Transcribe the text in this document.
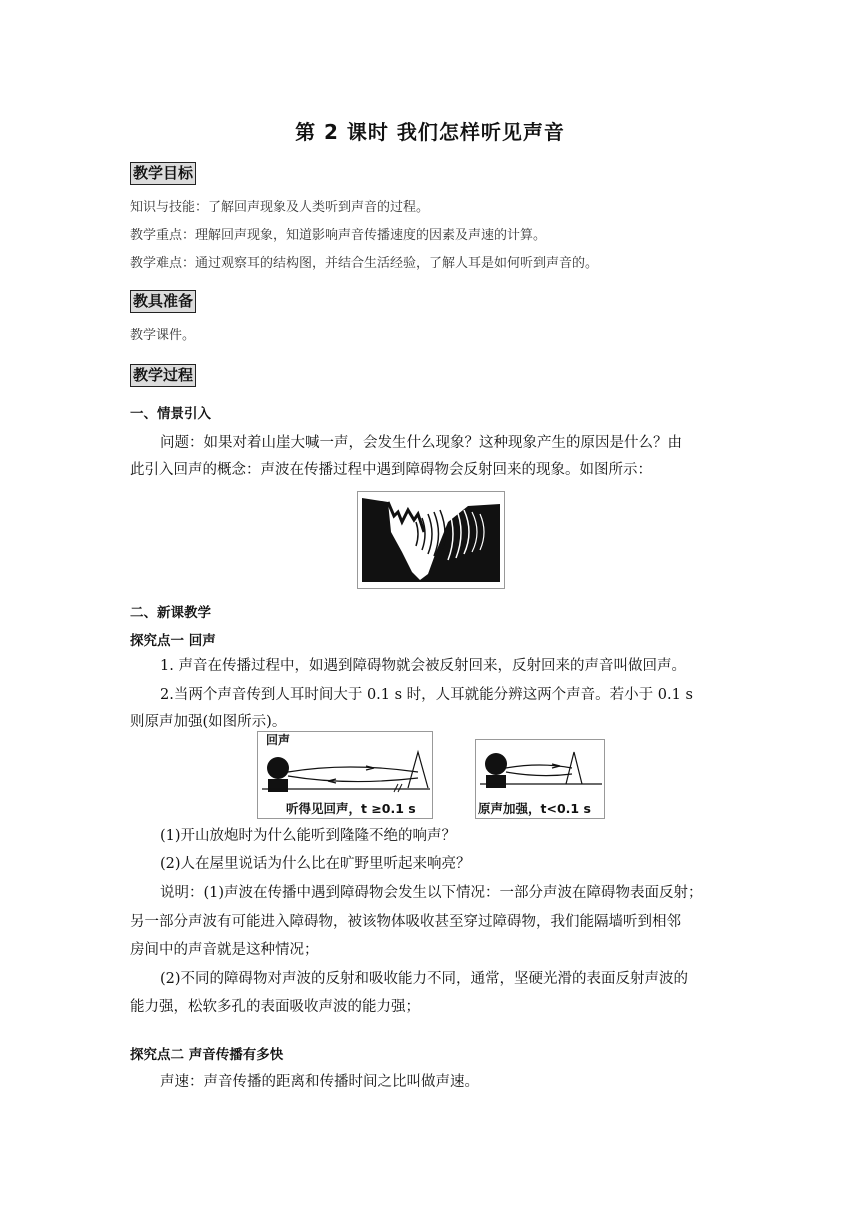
第 2 课时 我们怎样听见声音
教学目标
知识与技能：了解回声现象及人类听到声音的过程。
教学重点：理解回声现象，知道影响声音传播速度的因素及声速的计算。
教学难点：通过观察耳的结构图，并结合生活经验，了解人耳是如何听到声音的。
教具准备
教学课件。
教学过程
一、情景引入
问题：如果对着山崖大喊一声，会发生什么现象？这种现象产生的原因是什么？由
此引入回声的概念：声波在传播过程中遇到障碍物会反射回来的现象。如图所示：
二、新课教学
探究点一 回声
1. 声音在传播过程中，如遇到障碍物就会被反射回来，反射回来的声音叫做回声。
2.当两个声音传到人耳时间大于 0.1 s 时，人耳就能分辨这两个声音。若小于 0.1 s
则原声加强(如图所示)。
回声
听得见回声，t ≥0.1 s	原声加强，t<0.1 s
(1)开山放炮时为什么能听到隆隆不绝的响声？
(2)人在屋里说话为什么比在旷野里听起来响亮？
说明：(1)声波在传播中遇到障碍物会发生以下情况：一部分声波在障碍物表面反射；
另一部分声波有可能进入障碍物，被该物体吸收甚至穿过障碍物，我们能隔墙听到相邻
房间中的声音就是这种情况；
(2)不同的障碍物对声波的反射和吸收能力不同，通常，坚硬光滑的表面反射声波的
能力强，松软多孔的表面吸收声波的能力强；
探究点二 声音传播有多快
声速：声音传播的距离和传播时间之比叫做声速。
